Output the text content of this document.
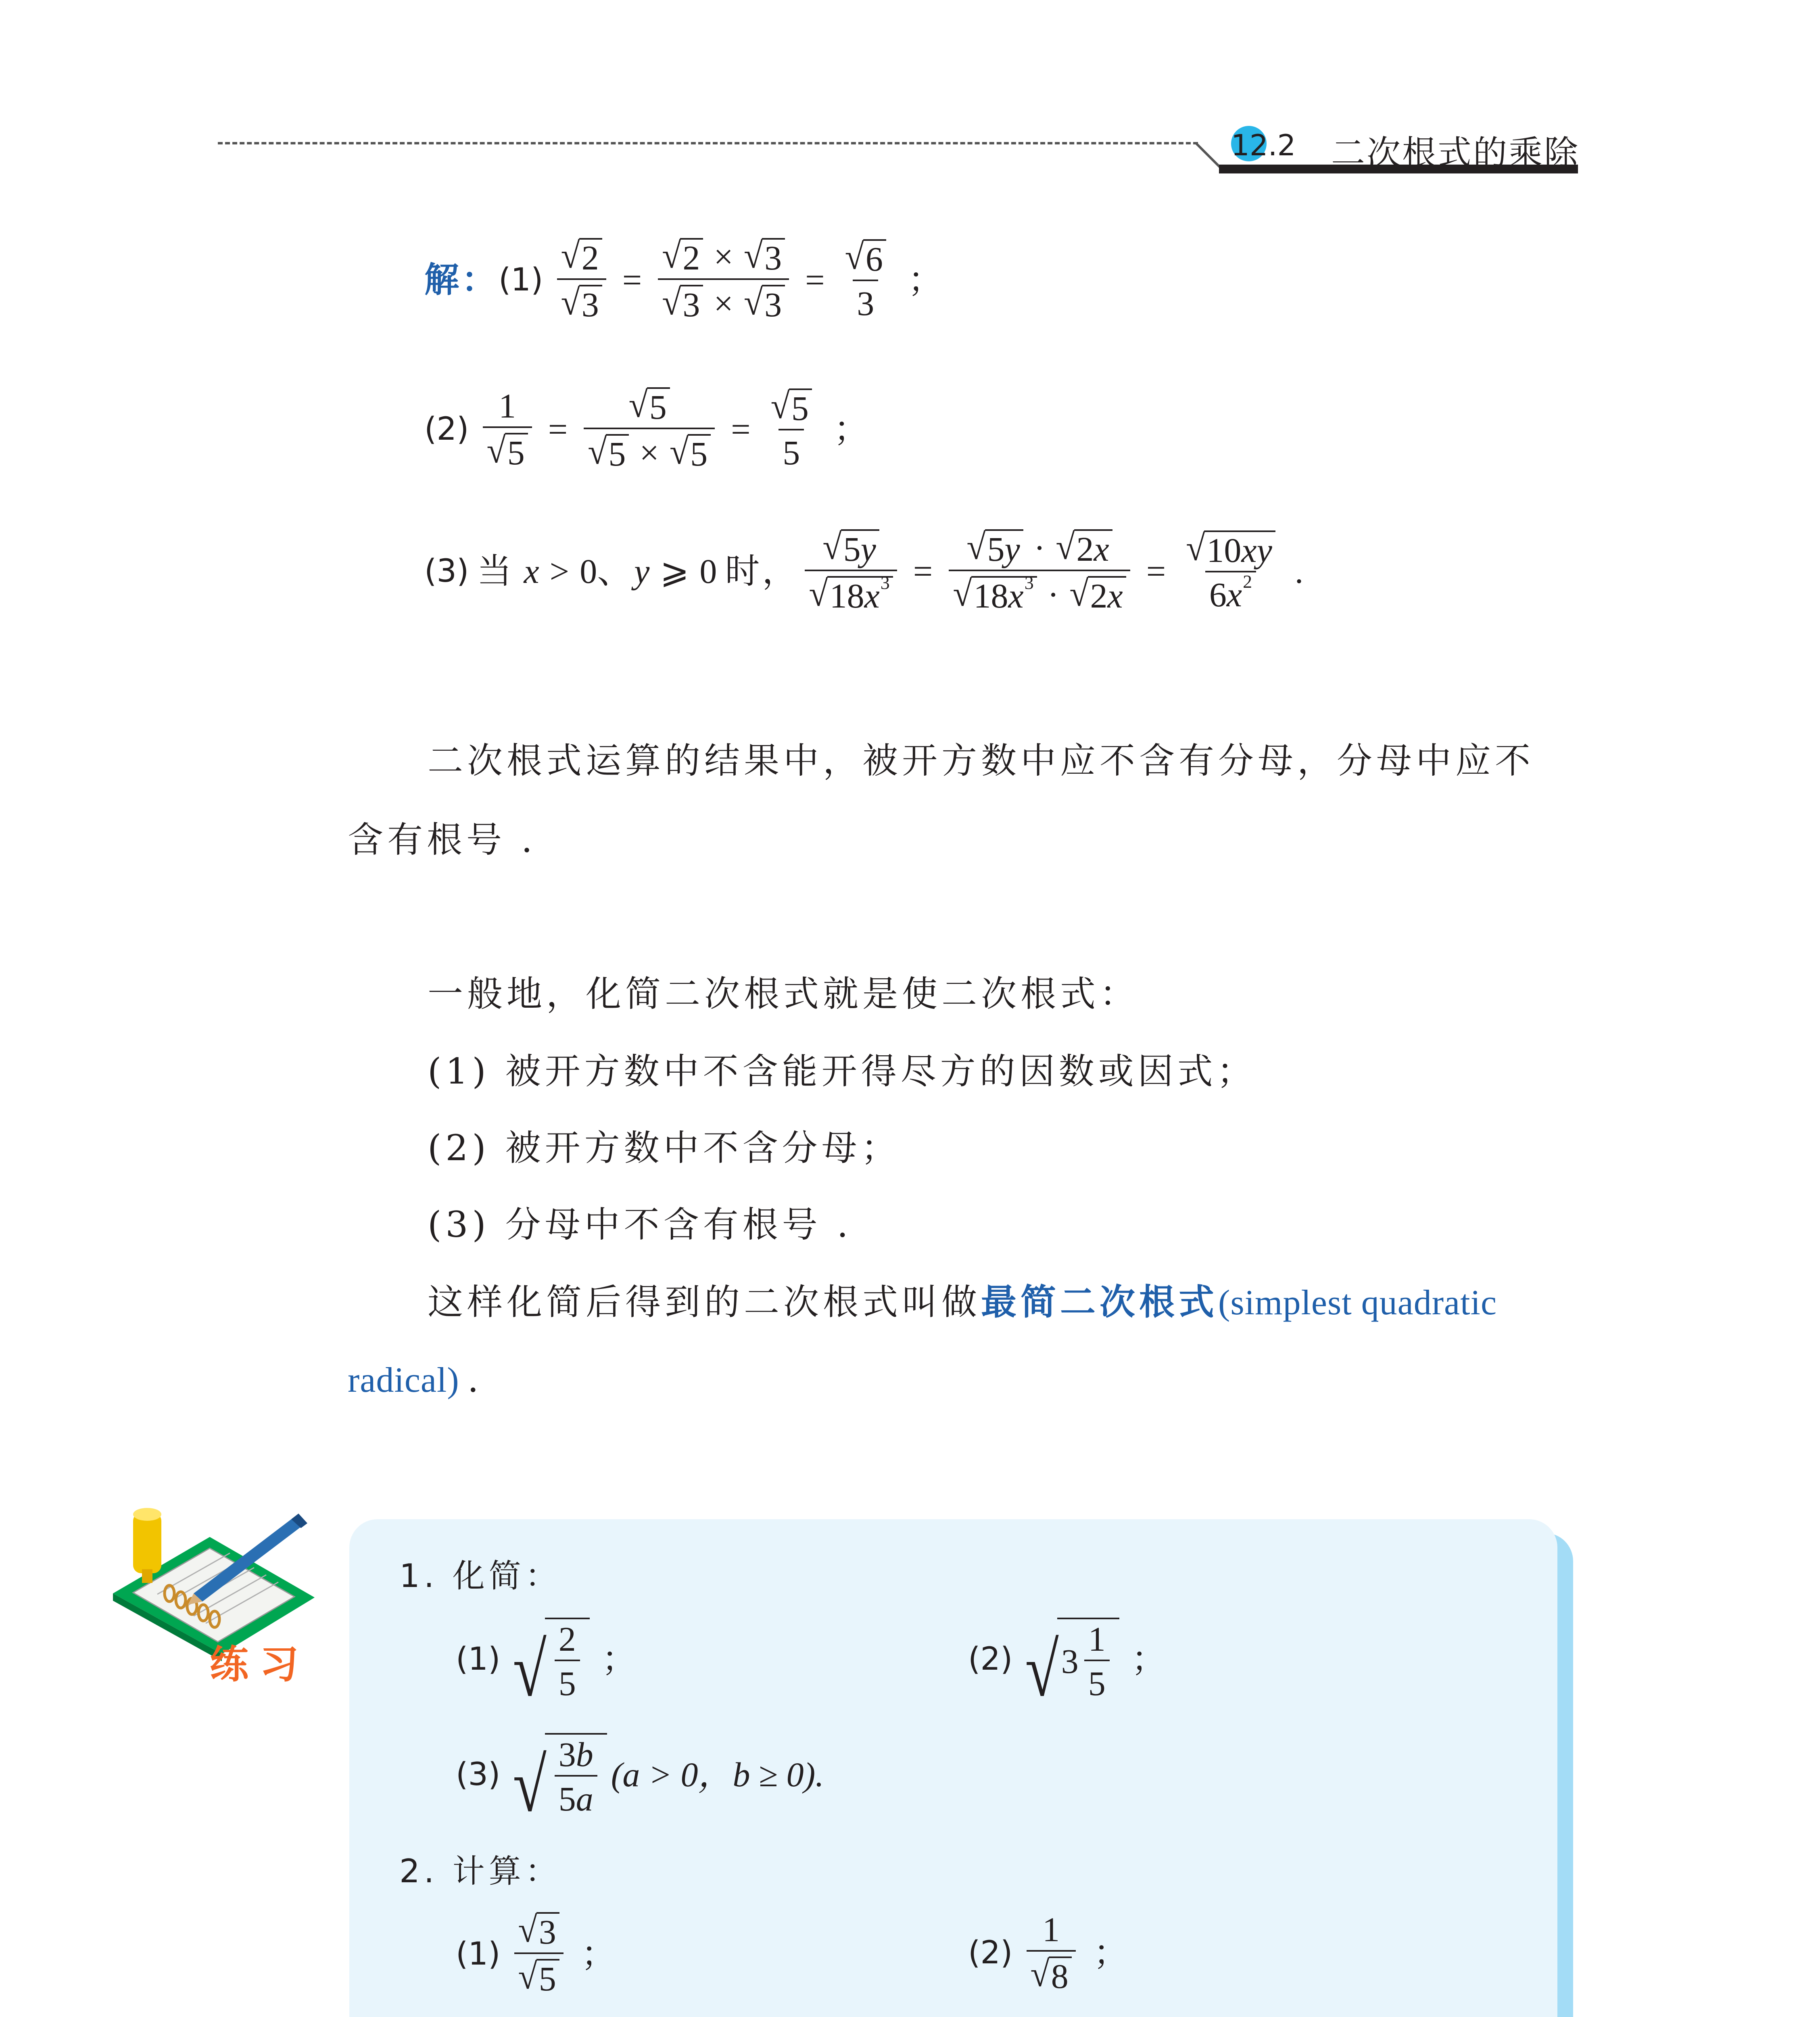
12.2 二次根式的乘除
解： $(1) \frac{√ 2}{√ 3} = \frac{√ 2 \times √ 3}{√ 3 \times √ 3} = \frac{√ 6}{3}$ ；
$(2) \frac{1}{√ 5} = \frac{√ 5}{√ 5 \times √ 5} = \frac{√ 5}{5}$ ；
(3) 当 x > 0 、 y ⩾ 0 时， $\frac{√ 5 y}{√ 18 x 3} = \frac{√ 5 y \cdot √ 2 x}{√ 18 x 3 \cdot √ 2 x} = \frac{√ 10 xy}{6 x 2}$ .
二次根式运算的结果中，被开方数中应不含有分母，分母中应不
含有根号 .
一般地，化简二次根式就是使二次根式：
(1) 被开方数中不含能开得尽方的因数或因式；
(2) 被开方数中不含分母；
(3) 分母中不含有根号 .
这样化简后得到的二次根式叫做最简二次根式(simplest quadratic
radical) .
练习
1. 化简：
(1) √ $\frac{2}{5}$ ；	(2) √ $3 \frac{1}{5}$ ；
(3) √ $\frac{3 b}{5 a} (a > 0$，b ≥ 0).
2. 计算：
$(1) \frac{√ 3}{√ 5}$ ；	$(2) \frac{1}{√ 8}$ ；
